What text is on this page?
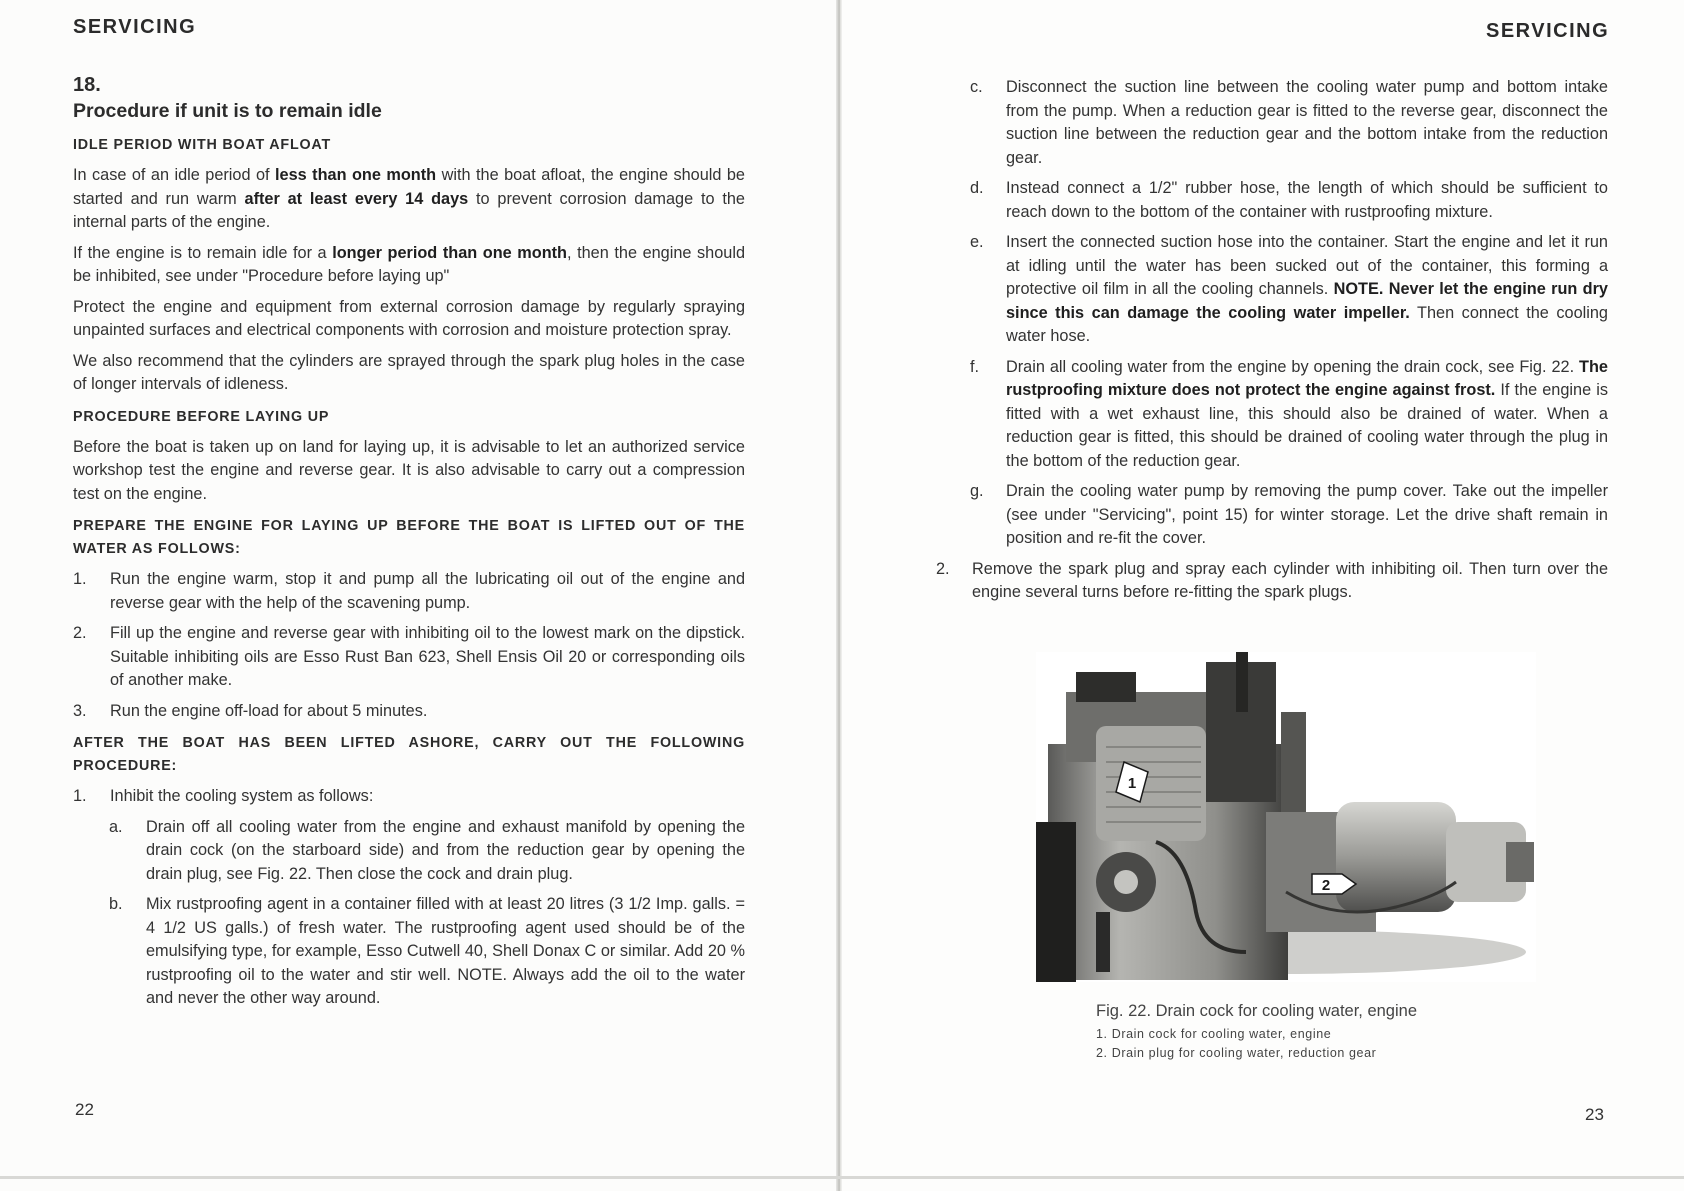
SERVICING

18.

Procedure if unit is to remain idle

IDLE PERIOD WITH BOAT AFLOAT

In case of an idle period of less than one month with the boat afloat, the engine should be started and run warm after at least every 14 days to prevent corrosion damage to the internal parts of the engine.

If the engine is to remain idle for a longer period than one month, then the engine should be inhibited, see under "Procedure before laying up"

Protect the engine and equipment from external corrosion damage by regularly spraying unpainted surfaces and electrical components with corrosion and moisture protection spray.

We also recommend that the cylinders are sprayed through the spark plug holes in the case of longer intervals of idleness.

PROCEDURE BEFORE LAYING UP

Before the boat is taken up on land for laying up, it is advisable to let an authorized service workshop test the engine and reverse gear. It is also advisable to carry out a compression test on the engine.

PREPARE THE ENGINE FOR LAYING UP BEFORE THE BOAT IS LIFTED OUT OF THE WATER AS FOLLOWS:

1. Run the engine warm, stop it and pump all the lubricating oil out of the engine and reverse gear with the help of the scavening pump.
2. Fill up the engine and reverse gear with inhibiting oil to the lowest mark on the dipstick. Suitable inhibiting oils are Esso Rust Ban 623, Shell Ensis Oil 20 or corresponding oils of another make.
3. Run the engine off-load for about 5 minutes.

AFTER THE BOAT HAS BEEN LIFTED ASHORE, CARRY OUT THE FOLLOWING PROCEDURE:

1. Inhibit the cooling system as follows:
a. Drain off all cooling water from the engine and exhaust manifold by opening the drain cock (on the starboard side) and from the reduction gear by opening the drain plug, see Fig. 22. Then close the cock and drain plug.
b. Mix rustproofing agent in a container filled with at least 20 litres (3 1/2 Imp. galls. = 4 1/2 US galls.) of fresh water. The rustproofing agent used should be of the emulsifying type, for example, Esso Cutwell 40, Shell Donax C or similar. Add 20 % rustproofing oil to the water and stir well. NOTE. Always add the oil to the water and never the other way around.
22
SERVICING
23
c. Disconnect the suction line between the cooling water pump and bottom intake from the pump. When a reduction gear is fitted to the reverse gear, disconnect the suction line between the reduction gear and the bottom intake from the reduction gear.
d. Instead connect a 1/2" rubber hose, the length of which should be sufficient to reach down to the bottom of the container with rustproofing mixture.
e. Insert the connected suction hose into the container. Start the engine and let it run at idling until the water has been sucked out of the container, this forming a protective oil film in all the cooling channels. NOTE. Never let the engine run dry since this can damage the cooling water impeller. Then connect the cooling water hose.
f. Drain all cooling water from the engine by opening the drain cock, see Fig. 22. The rustproofing mixture does not protect the engine against frost. If the engine is fitted with a wet exhaust line, this should also be drained of water. When a reduction gear is fitted, this should be drained of cooling water through the plug in the bottom of the reduction gear.
g. Drain the cooling water pump by removing the pump cover. Take out the impeller (see under "Servicing", point 15) for winter storage. Let the drive shaft remain in position and re-fit the cover.
2. Remove the spark plug and spray each cylinder with inhibiting oil. Then turn over the engine several turns before re-fitting the spark plugs.
1
2
Fig. 22. Drain cock for cooling water, engine
1. Drain cock for cooling water, engine
2. Drain plug for cooling water, reduction gear
